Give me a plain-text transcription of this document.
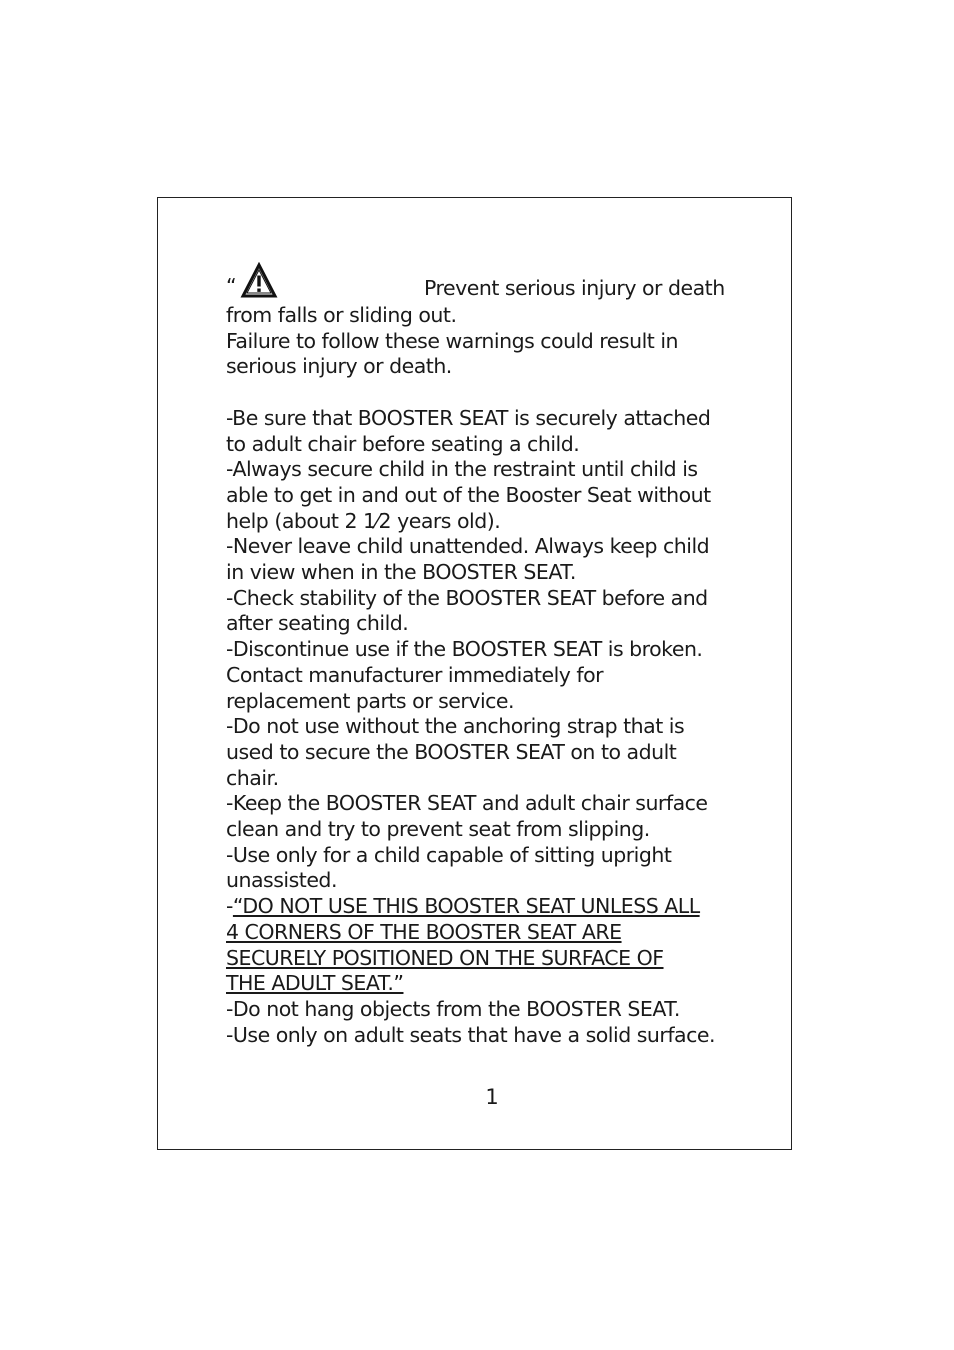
“	Prevent serious injury or death
from falls or sliding out.
Failure to follow these warnings could result in
serious injury or death.
-Be sure that BOOSTER SEAT is securely attached
to adult chair before seating a child.
-Always secure child in the restraint until child is
able to get in and out of the Booster Seat without
help (about 2 1⁄2 years old).
-Never leave child unattended. Always keep child
in view when in the BOOSTER SEAT.
-Check stability of the BOOSTER SEAT before and
after seating child.
-Discontinue use if the BOOSTER SEAT is broken.
Contact manufacturer immediately for
replacement parts or service.
-Do not use without the anchoring strap that is
used to secure the BOOSTER SEAT on to adult
chair.
-Keep the BOOSTER SEAT and adult chair surface
clean and try to prevent seat from slipping.
-Use only for a child capable of sitting upright
unassisted.
-“DO NOT USE THIS BOOSTER SEAT UNLESS ALL
4 CORNERS OF THE BOOSTER SEAT ARE
SECURELY POSITIONED ON THE SURFACE OF
THE ADULT SEAT.”
-Do not hang objects from the BOOSTER SEAT.
-Use only on adult seats that have a solid surface.
1
